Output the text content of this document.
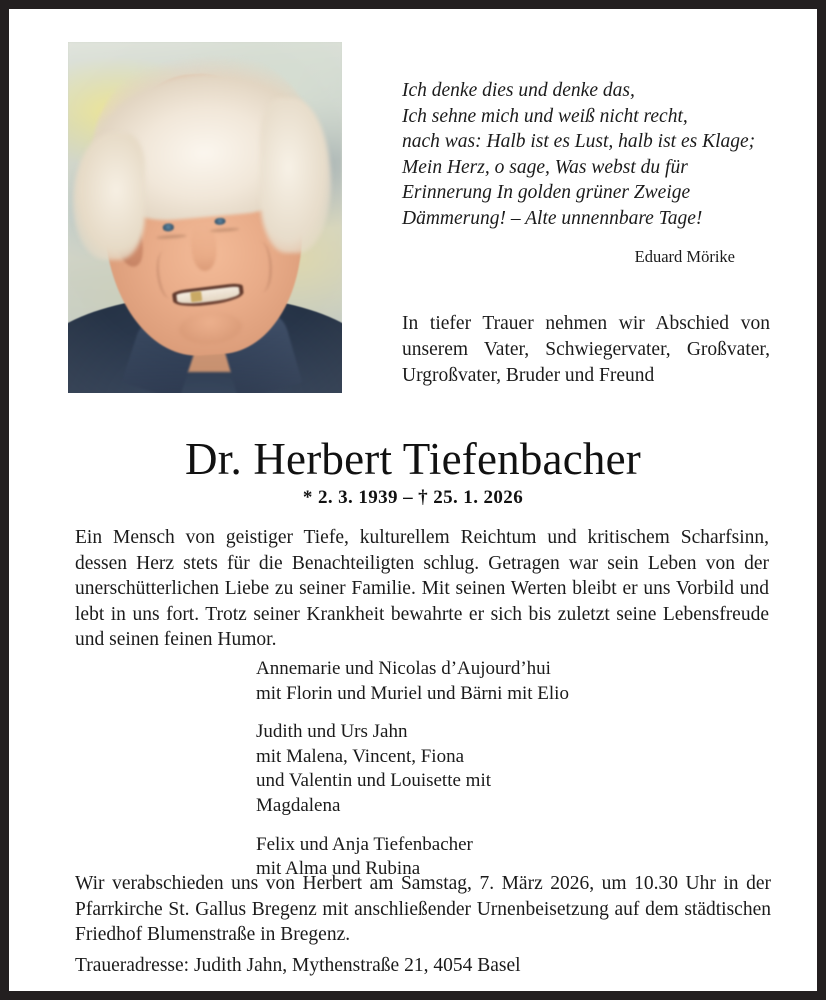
Ich denke dies und denke das,
Ich sehne mich und weiß nicht recht,
nach was: Halb ist es Lust, halb ist es Klage;
Mein Herz, o sage, Was webst du für
Erinnerung In golden grüner Zweige
Dämmerung! – Alte unnennbare Tage!
Eduard Mörike
In tiefer Trauer nehmen wir Abschied von unserem Vater, Schwiegervater, Großvater, Urgroßvater, Bruder und Freund
Dr. Herbert Tiefenbacher
* 2. 3. 1939 – † 25. 1. 2026
Ein Mensch von geistiger Tiefe, kulturellem Reichtum und kritischem Scharfsinn, dessen Herz stets für die Benachteiligten schlug. Getragen war sein Leben von der unerschütterlichen Liebe zu seiner Familie. Mit seinen Werten bleibt er uns Vorbild und lebt in uns fort. Trotz seiner Krankheit bewahrte er sich bis zuletzt seine Lebensfreude und seinen feinen Humor.
Annemarie und Nicolas d’Aujourd’hui
mit Florin und Muriel und Bärni mit Elio
Judith und Urs Jahn
mit Malena, Vincent, Fiona
und Valentin und Louisette mit
Magdalena
Felix und Anja Tiefenbacher
mit Alma und Rubina
Wir verabschieden uns von Herbert am Samstag, 7. März 2026, um 10.30 Uhr in der Pfarrkirche St. Gallus Bregenz mit anschließender Urnenbeisetzung auf dem städtischen Friedhof Blumenstraße in Bregenz.
Traueradresse: Judith Jahn, Mythenstraße 21, 4054 Basel
